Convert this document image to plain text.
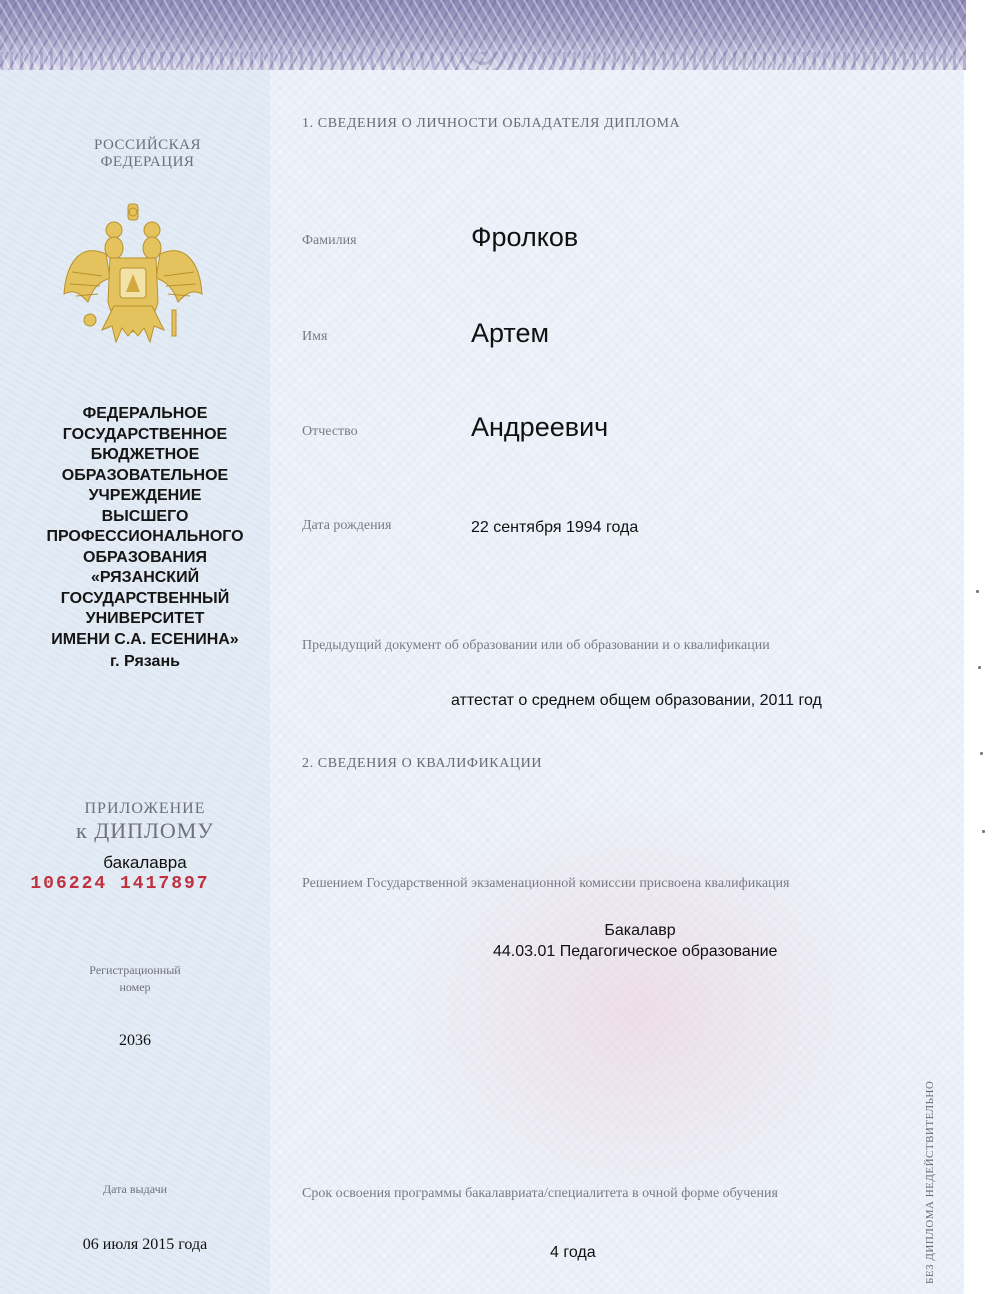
РОССИЙСКАЯ
ФЕДЕРАЦИЯ
ФЕДЕРАЛЬНОЕ
ГОСУДАРСТВЕННОЕ
БЮДЖЕТНОЕ
ОБРАЗОВАТЕЛЬНОЕ
УЧРЕЖДЕНИЕ
ВЫСШЕГО
ПРОФЕССИОНАЛЬНОГО
ОБРАЗОВАНИЯ
«РЯЗАНСКИЙ
ГОСУДАРСТВЕННЫЙ
УНИВЕРСИТЕТ
ИМЕНИ С.А. ЕСЕНИНА»
г. Рязань
ПРИЛОЖЕНИЕ
к ДИПЛОМУ
бакалавра
106224 1417897
Регистрационный
номер
2036
Дата выдачи
06 июля 2015 года
1. СВЕДЕНИЯ О ЛИЧНОСТИ ОБЛАДАТЕЛЯ ДИПЛОМА
Фамилия	Фролков
Имя	Артем
Отчество	Андреевич
Дата рождения	22 сентября 1994 года
Предыдущий документ об образовании или об образовании и о квалификации
аттестат о среднем общем образовании, 2011 год
2. СВЕДЕНИЯ О КВАЛИФИКАЦИИ
Решением Государственной экзаменационной комиссии присвоена квалификация
Бакалавр
44.03.01 Педагогическое образование
Срок освоения программы бакалавриата/специалитета в очной форме обучения
4 года	БЕЗ ДИПЛОМА НЕДЕЙСТВИТЕЛЬНО
